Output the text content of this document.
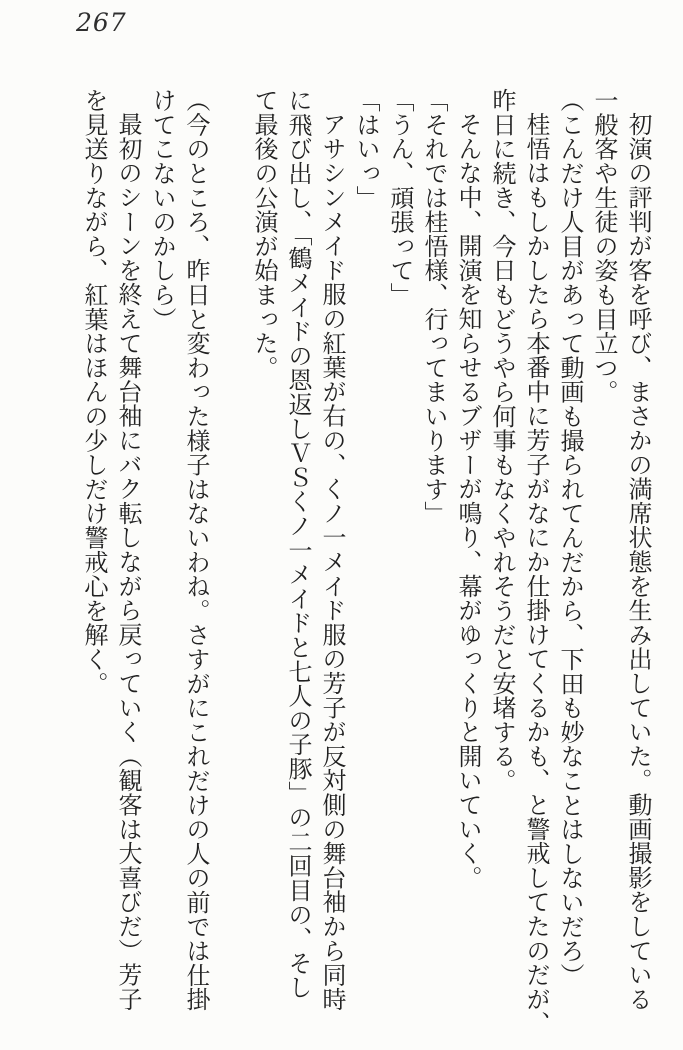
267
初演の評判が客を呼び、まさかの満席状態を生み出していた。動画撮影をしている
一般客や生徒の姿も目立つ。
（こんだけ人目があって動画も撮られてんだから、下田も妙なことはしないだろ）
桂悟はもしかしたら本番中に芳子がなにか仕掛けてくるかも、と警戒してたのだが、
昨日に続き、今日もどうやら何事もなくやれそうだと安堵する。
そんな中、開演を知らせるブザーが鳴り、幕がゆっくりと開いていく。
「それでは桂悟様、行ってまいります」
「うん、頑張って」
「はいっ」
アサシンメイド服の紅葉が右の、くノ一メイド服の芳子が反対側の舞台袖から同時
に飛び出し、「鶴メイドの恩返しＶＳくノ一メイドと七人の子豚」の二回目の、そし
て最後の公演が始まった。
（今のところ、昨日と変わった様子はないわね。さすがにこれだけの人の前では仕掛
けてこないのかしら）
最初のシーンを終えて舞台袖にバク転しながら戻っていく（観客は大喜びだ）芳子
を見送りながら、紅葉はほんの少しだけ警戒心を解く。
